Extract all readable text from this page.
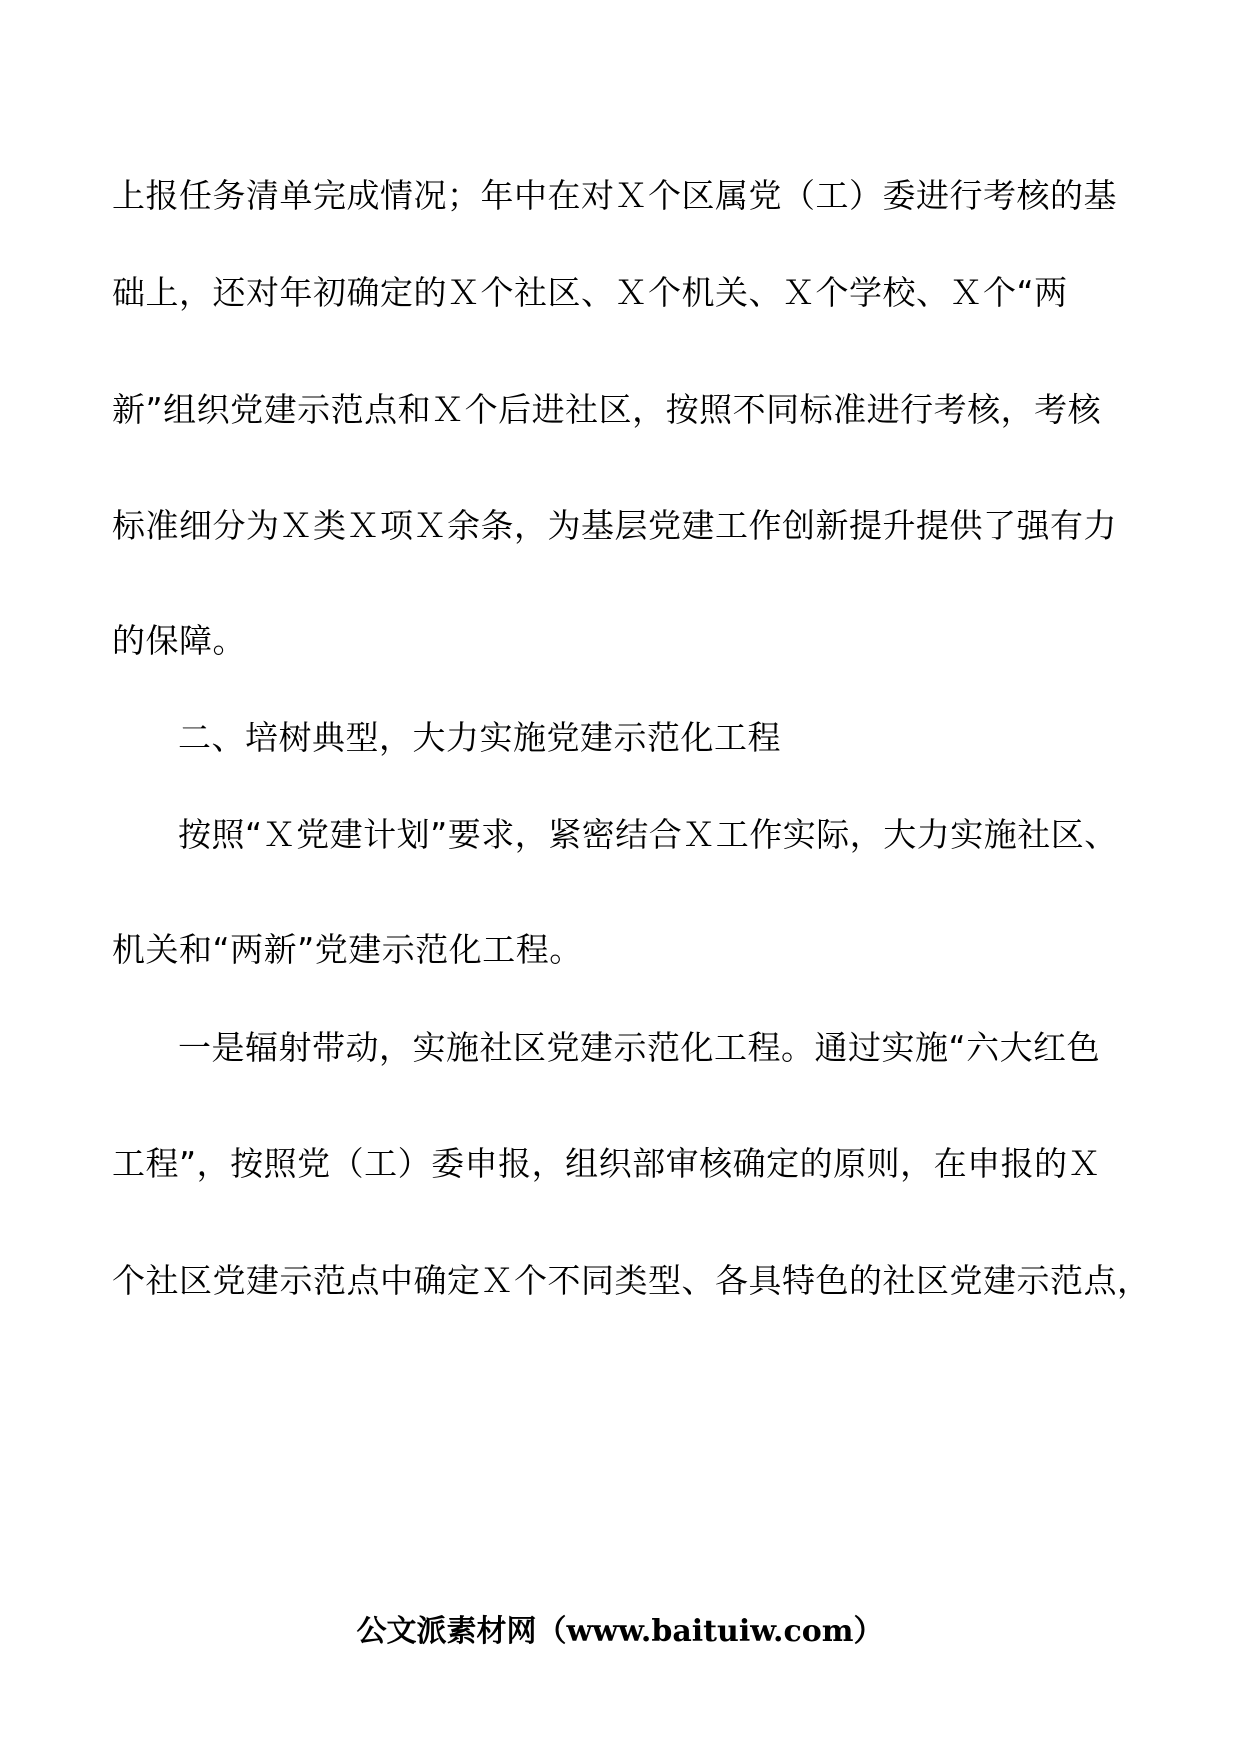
上报任务清单完成情况；年中在对Ｘ个区属党（工）委进行考核的基
础上，还对年初确定的Ｘ个社区、Ｘ个机关、Ｘ个学校、Ｘ个“两
新”组织党建示范点和Ｘ个后进社区，按照不同标准进行考核，考核
标准细分为Ｘ类Ｘ项Ｘ余条，为基层党建工作创新提升提供了强有力
的保障。
二、培树典型，大力实施党建示范化工程
按照“Ｘ党建计划”要求，紧密结合Ｘ工作实际，大力实施社区、
机关和“两新”党建示范化工程。
一是辐射带动，实施社区党建示范化工程。通过实施“六大红色
工程”，按照党（工）委申报，组织部审核确定的原则，在申报的Ｘ
个社区党建示范点中确定Ｘ个不同类型、各具特色的社区党建示范点，
公文派素材网（www.baituiw.com）
